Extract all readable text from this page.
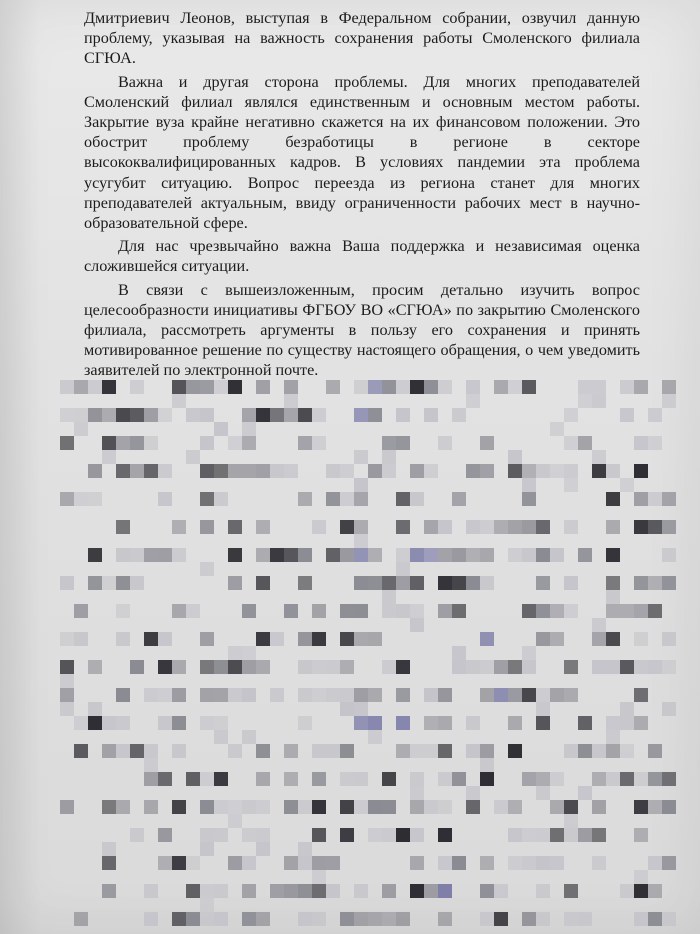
Дмитриевич Леонов, выступая в Федеральном собрании, озвучил данную проблему, указывая на важность сохранения работы Смоленского филиала СГЮА.

Важна и другая сторона проблемы. Для многих преподавателей Смоленский филиал являлся единственным и основным местом работы. Закрытие вуза крайне негативно скажется на их финансовом положении. Это обострит проблему безработицы в регионе в секторе высококвалифицированных кадров. В условиях пандемии эта проблема усугубит ситуацию. Вопрос переезда из региона станет для многих преподавателей актуальным, ввиду ограниченности рабочих мест в научно-образовательной сфере.

Для нас чрезвычайно важна Ваша поддержка и независимая оценка сложившейся ситуации.

В связи с вышеизложенным, просим детально изучить вопрос целесообразности инициативы ФГБОУ ВО «СГЮА» по закрытию Смоленского филиала, рассмотреть аргументы в пользу его сохранения и принять мотивированное решение по существу настоящего обращения, о чем уведомить заявителей по электронной почте.
